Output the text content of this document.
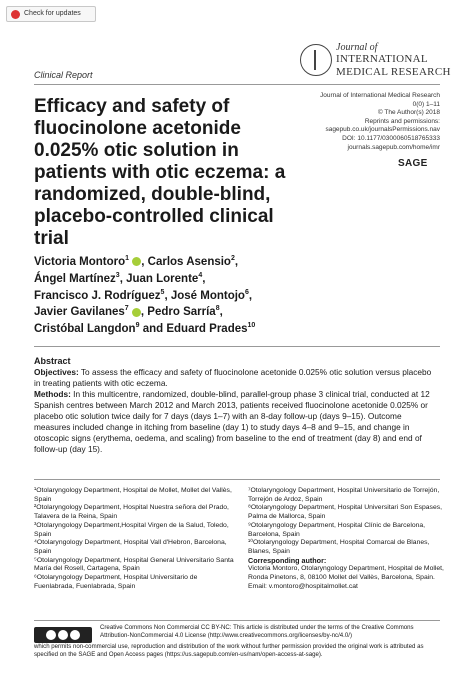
Check for updates
Journal of
INTERNATIONAL
MEDICAL RESEARCH
Clinical Report
Journal of International Medical Research
0(0) 1–11
© The Author(s) 2018
Reprints and permissions:
sagepub.co.uk/journalsPermissions.nav
DOI: 10.1177/0300060518765333
journals.sagepub.com/home/imr
SAGE
Efficacy and safety of fluocinolone acetonide 0.025% otic solution in patients with otic eczema: a randomized, double-blind, placebo-controlled clinical trial
Victoria Montoro$^1$ , Carlos Asensio$^2$,
Ángel Martínez$^3$, Juan Lorente$^4$,
Francisco J. Rodríguez$^5$, José Montojo$^6$,
Javier Gavilanes$^7$ , Pedro Sarría$^8$,
Cristóbal Langdon$^9$ and Eduard Prades$^{10}$
Abstract
Objectives: To assess the efficacy and safety of fluocinolone acetonide 0.025% otic solution versus placebo in treating patients with otic eczema.
Methods: In this multicentre, randomized, double-blind, parallel-group phase 3 clinical trial, conducted at 12 Spanish centres between March 2012 and March 2013, patients received fluocinolone acetonide 0.025% or placebo otic solution twice daily for 7 days (days 1–7) with an 8-day follow-up (days 9–15). Outcome measures included change in itching from baseline (day 1) to study days 4–8 and 9–15, and change in otoscopic signs (erythema, oedema, and scaling) from baseline to the end of treatment (day 8) and end of follow-up (day 15).
¹Otolaryngology Department, Hospital de Mollet, Mollet del Vallès, Spain
²Otolaryngology Department, Hospital Nuestra señora del Prado, Talavera de la Reina, Spain
³Otolaryngology Department,Hospital Virgen de la Salud, Toledo, Spain
⁴Otolaryngology Department, Hospital Vall d'Hebron, Barcelona, Spain
⁵Otolaryngology Department, Hospital General Universitario Santa María del Rosell, Cartagena, Spain
⁶Otolaryngology Department, Hospital Universitario de Fuenlabrada, Fuenlabrada, Spain
⁷Otolaryngology Department, Hospital Universitario de Torrejón, Torrejón de Ardoz, Spain
⁸Otolaryngology Department, Hospital Universitari Son Espases, Palma de Mallorca, Spain
⁹Otolaryngology Department, Hospital Clínic de Barcelona, Barcelona, Spain
¹⁰Otolaryngology Department, Hospital Comarcal de Blanes, Blanes, Spain
Corresponding author:
Victoria Montoro, Otolaryngology Department, Hospital de Mollet, Ronda Pinetons, 8, 08100 Mollet del Vallès, Barcelona, Spain.
Email: v.montoro@hospitalmollet.cat
Creative Commons Non Commercial CC BY-NC: This article is distributed under the terms of the Creative Commons Attribution-NonCommercial 4.0 License (http://www.creativecommons.org/licenses/by-nc/4.0/)
which permits non-commercial use, reproduction and distribution of the work without further permission provided the original work is attributed as specified on the SAGE and Open Access pages (https://us.sagepub.com/en-us/nam/open-access-at-sage).
